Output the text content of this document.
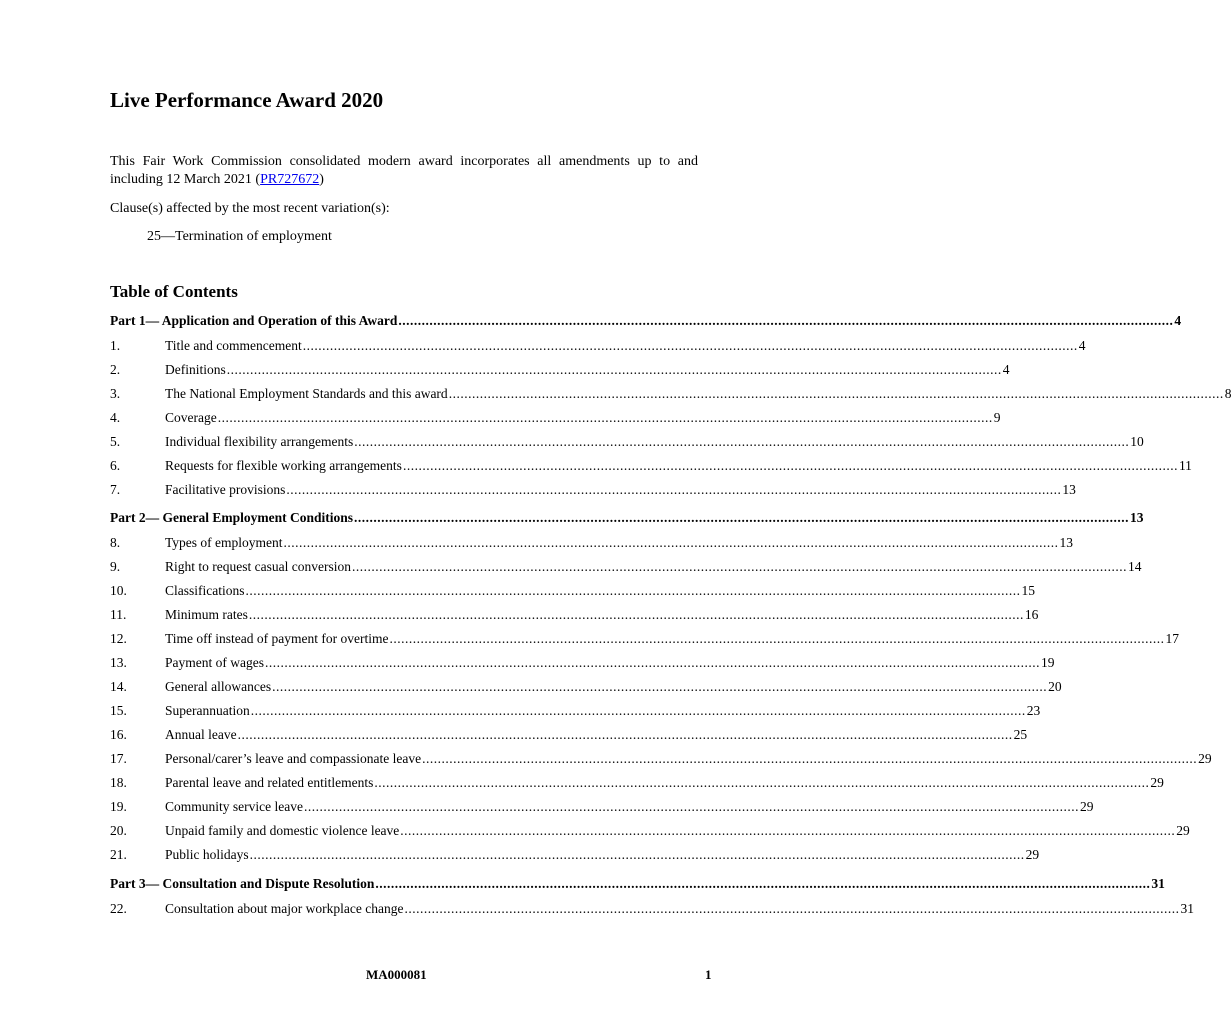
Live Performance Award 2020

This Fair Work Commission consolidated modern award incorporates all amendments up to and including 12 March 2021 (PR727672)

Clause(s) affected by the most recent variation(s):

25—Termination of employment

Table of Contents
Part 1— Application and Operation of this Award ........................................................................................................................................................................................................ 4
1.	Title and commencement ........................................................................................................................................................................................................ 4
2.	Definitions ........................................................................................................................................................................................................ 4
3.	The National Employment Standards and this award ........................................................................................................................................................................................................ 8
4.	Coverage ........................................................................................................................................................................................................ 9
5.	Individual flexibility arrangements ........................................................................................................................................................................................................ 10
6.	Requests for flexible working arrangements ........................................................................................................................................................................................................ 11
7.	Facilitative provisions ........................................................................................................................................................................................................ 13
Part 2— General Employment Conditions ........................................................................................................................................................................................................ 13
8.	Types of employment ........................................................................................................................................................................................................ 13
9.	Right to request casual conversion ........................................................................................................................................................................................................ 14
10.	Classifications ........................................................................................................................................................................................................ 15
11.	Minimum rates ........................................................................................................................................................................................................ 16
12.	Time off instead of payment for overtime ........................................................................................................................................................................................................ 17
13.	Payment of wages ........................................................................................................................................................................................................ 19
14.	General allowances ........................................................................................................................................................................................................ 20
15.	Superannuation ........................................................................................................................................................................................................ 23
16.	Annual leave ........................................................................................................................................................................................................ 25
17.	Personal/carer’s leave and compassionate leave ........................................................................................................................................................................................................ 29
18.	Parental leave and related entitlements ........................................................................................................................................................................................................ 29
19.	Community service leave ........................................................................................................................................................................................................ 29
20.	Unpaid family and domestic violence leave ........................................................................................................................................................................................................ 29
21.	Public holidays ........................................................................................................................................................................................................ 29
Part 3— Consultation and Dispute Resolution ........................................................................................................................................................................................................ 31
22.	Consultation about major workplace change ........................................................................................................................................................................................................ 31

MA000081	1
